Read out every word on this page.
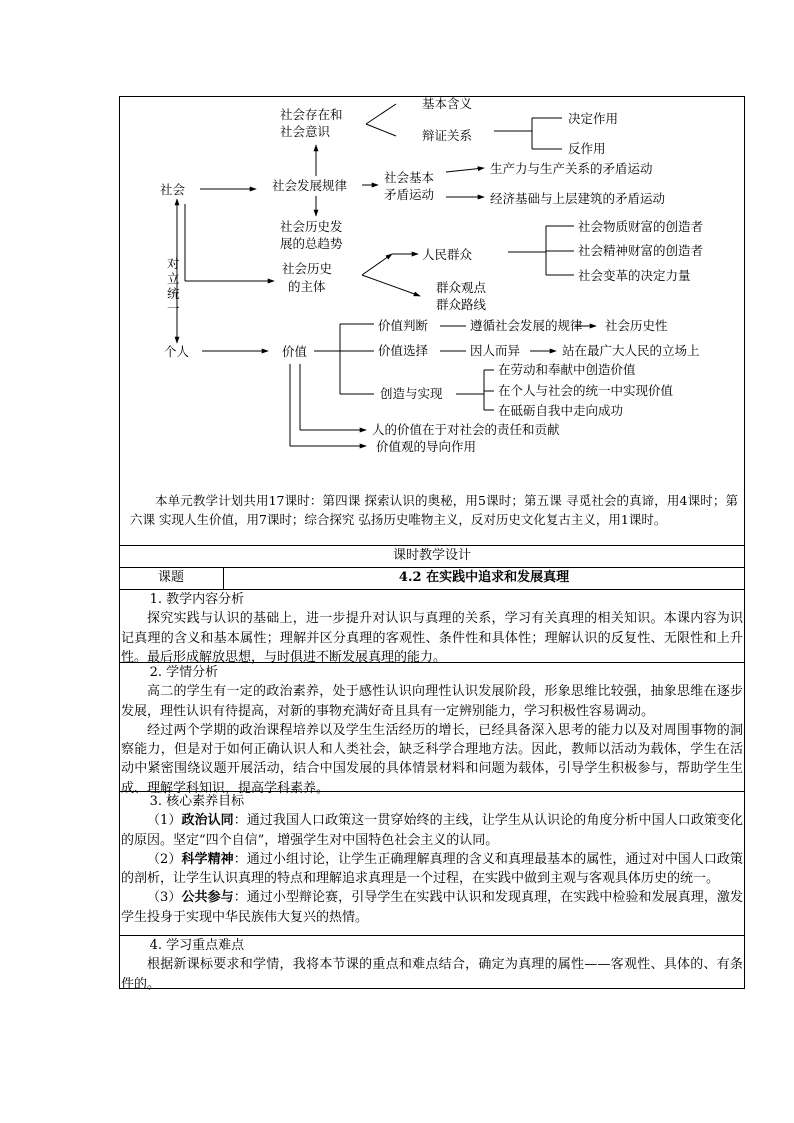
社会
对
立
统
一
个人
社会存在和
社会意识
基本含义
辩证关系
决定作用
反作用
社会发展规律
社会基本
矛盾运动
生产力与生产关系的矛盾运动
经济基础与上层建筑的矛盾运动
社会历史发
展的总趋势
社会历史
的主体
人民群众
社会物质财富的创造者
社会精神财富的创造者
社会变革的决定力量
群众观点
群众路线
价值
价值判断	遵循社会发展的规律 社会历史性
价值选择	因人而异	站在最广大人民的立场上
创造与实现
在劳动和奉献中创造价值
在个人与社会的统一中实现价值
在砥砺自我中走向成功
人的价值在于对社会的责任和贡献
价值观的导向作用
本单元教学计划共用17课时：第四课 探索认识的奥秘，用5课时；第五课 寻觅社会的真谛，用4课时；第六课 实现人生价值，用7课时；综合探究 弘扬历史唯物主义，反对历史文化复古主义，用1课时。
课时教学设计
课题	4.2 在实践中追求和发展真理

1. 教学内容分析

探究实践与认识的基础上，进一步提升对认识与真理的关系，学习有关真理的相关知识。本课内容为识记真理的含义和基本属性；理解并区分真理的客观性、条件性和具体性；理解认识的反复性、无限性和上升性。最后形成解放思想，与时俱进不断发展真理的能力。

2. 学情分析

高二的学生有一定的政治素养，处于感性认识向理性认识发展阶段，形象思维比较强，抽象思维在逐步发展，理性认识有待提高，对新的事物充满好奇且具有一定辨别能力，学习积极性容易调动。

经过两个学期的政治课程培养以及学生生活经历的增长，已经具备深入思考的能力以及对周围事物的洞察能力，但是对于如何正确认识人和人类社会，缺乏科学合理地方法。因此，教师以活动为载体，学生在活动中紧密围绕议题开展活动，结合中国发展的具体情景材料和问题为载体，引导学生积极参与，帮助学生生成、理解学科知识，提高学科素养。

3. 核心素养目标

（1）政治认同：通过我国人口政策这一贯穿始终的主线，让学生从认识论的角度分析中国人口政策变化的原因。坚定“四个自信”，增强学生对中国特色社会主义的认同。

（2）科学精神：通过小组讨论，让学生正确理解真理的含义和真理最基本的属性，通过对中国人口政策的剖析，让学生认识真理的特点和理解追求真理是一个过程，在实践中做到主观与客观具体历史的统一。

（3）公共参与：通过小型辩论赛，引导学生在实践中认识和发现真理，在实践中检验和发展真理，激发学生投身于实现中华民族伟大复兴的热情。

4. 学习重点难点

根据新课标要求和学情，我将本节课的重点和难点结合，确定为真理的属性——客观性、具体的、有条件的。
